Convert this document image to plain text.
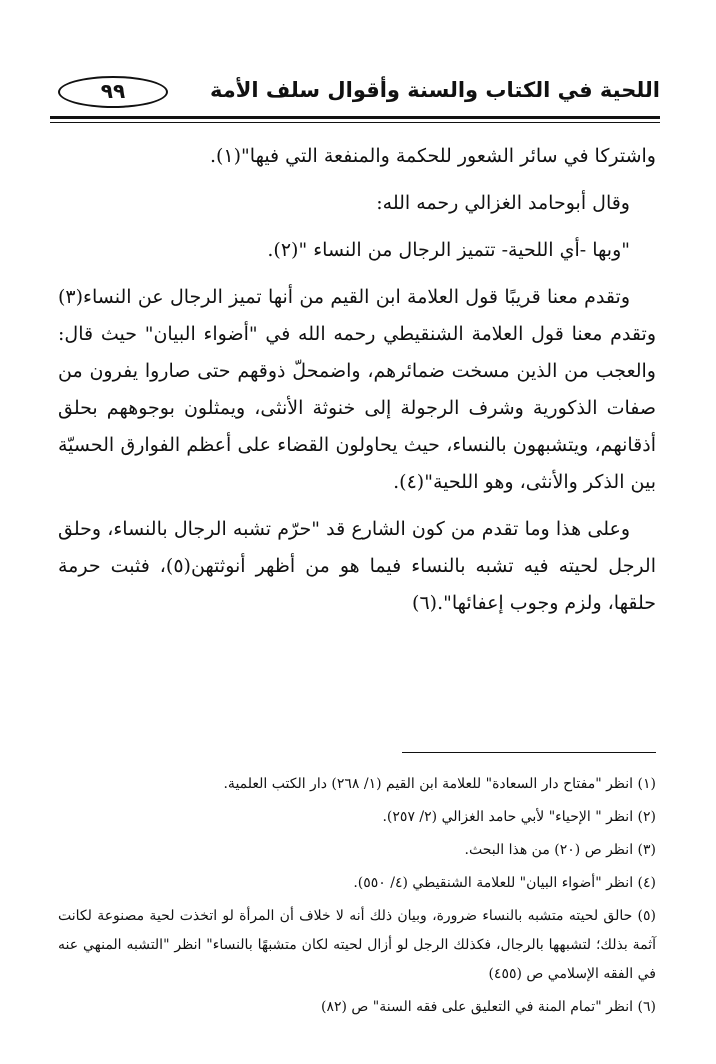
٩٩	اللحية في الكتاب والسنة وأقوال سلف الأمة

واشتركا في سائر الشعور للحكمة والمنفعة التي فيها"(١).

وقال أبوحامد الغزالي رحمه الله:

"وبها -أي اللحية- تتميز الرجال من النساء "(٢).

وتقدم معنا قريبًا قول العلامة ابن القيم من أنها تميز الرجال عن النساء(٣) وتقدم معنا قول العلامة الشنقيطي رحمه الله في "أضواء البيان" حيث قال: والعجب من الذين مسخت ضمائرهم، واضمحلّ ذوقهم حتى صاروا يفرون من صفات الذكورية وشرف الرجولة إلى خنوثة الأنثى، ويمثلون بوجوههم بحلق أذقانهم، ويتشبهون بالنساء، حيث يحاولون القضاء على أعظم الفوارق الحسيّة بين الذكر والأنثى، وهو اللحية"(٤).

وعلى هذا وما تقدم من كون الشارع قد "حرّم تشبه الرجال بالنساء، وحلق الرجل لحيته فيه تشبه بالنساء فيما هو من أظهر أنوثتهن(٥)، فثبت حرمة حلقها، ولزم وجوب إعفائها".(٦)

(١) انظر "مفتاح دار السعادة" للعلامة ابن القيم (١/ ٢٦٨) دار الكتب العلمية.
(٢) انظر " الإحياء" لأبي حامد الغزالي (٢/ ٢٥٧).
(٣) انظر ص (٢٠) من هذا البحث.
(٤) انظر "أضواء البيان" للعلامة الشنقيطي (٤/ ٥٥٠).
(٥) حالق لحيته متشبه بالنساء ضرورة، وبيان ذلك أنه لا خلاف أن المرأة لو اتخذت لحية مصنوعة لكانت آثمة بذلك؛ لتشبهها بالرجال، فكذلك الرجل لو أزال لحيته لكان متشبهًا بالنساء" انظر "التشبه المنهي عنه في الفقه الإسلامي ص (٤٥٥)
(٦) انظر "تمام المنة في التعليق على فقه السنة" ص (٨٢)
